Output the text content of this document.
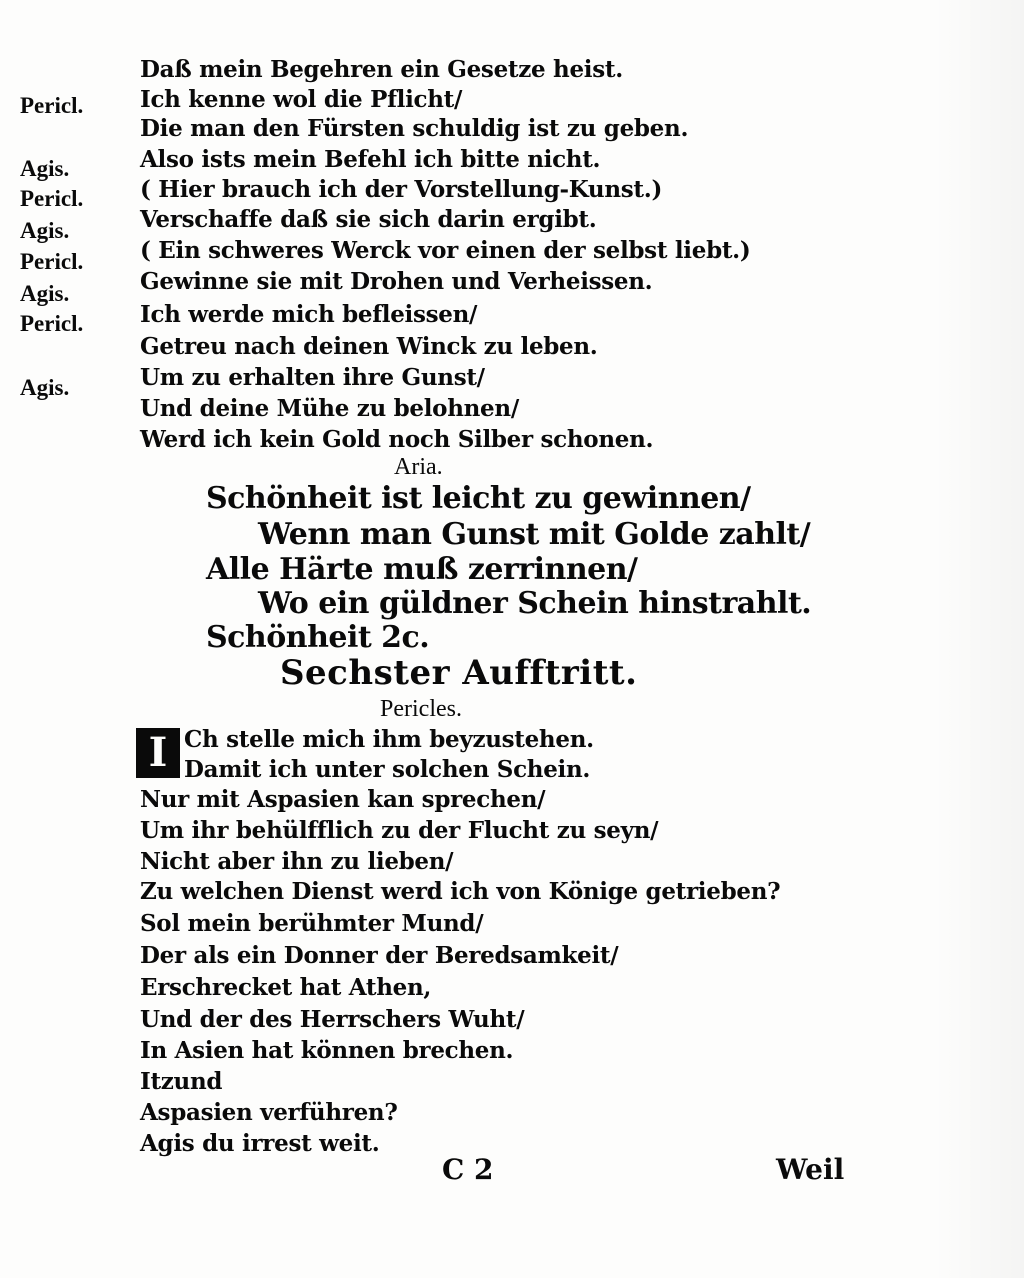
Pericl.
Agis.
Pericl.
Agis.
Pericl.
Agis.
Pericl.
Agis.
Daß mein Begehren ein Gesetze heist.
Ich kenne wol die Pflicht/
Die man den Fürsten schuldig ist zu geben.
Also ists mein Befehl ich bitte nicht.
( Hier brauch ich der Vorstellung-Kunst.)
Verschaffe daß sie sich darin ergibt.
( Ein schweres Werck vor einen der selbst liebt.)
Gewinne sie mit Drohen und Verheissen.
Ich werde mich befleissen/
Getreu nach deinen Winck zu leben.
Um zu erhalten ihre Gunst/
Und deine Mühe zu belohnen/
Werd ich kein Gold noch Silber schonen.
Aria.
Schönheit ist leicht zu gewinnen/
Wenn man Gunst mit Golde zahlt/
Alle Härte muß zerrinnen/
Wo ein güldner Schein hinstrahlt.
Schönheit 2c.
Sechster Aufftritt.
Pericles.
I Ch stelle mich ihm beyzustehen.
Damit ich unter solchen Schein.
Nur mit Aspasien kan sprechen/
Um ihr behülfflich zu der Flucht zu seyn/
Nicht aber ihn zu lieben/
Zu welchen Dienst werd ich von Könige getrieben?
Sol mein berühmter Mund/
Der als ein Donner der Beredsamkeit/
Erschrecket hat Athen,
Und der des Herrschers Wuht/
In Asien hat können brechen.
Itzund
Aspasien verführen?
Agis du irrest weit.
C 2	Weil
